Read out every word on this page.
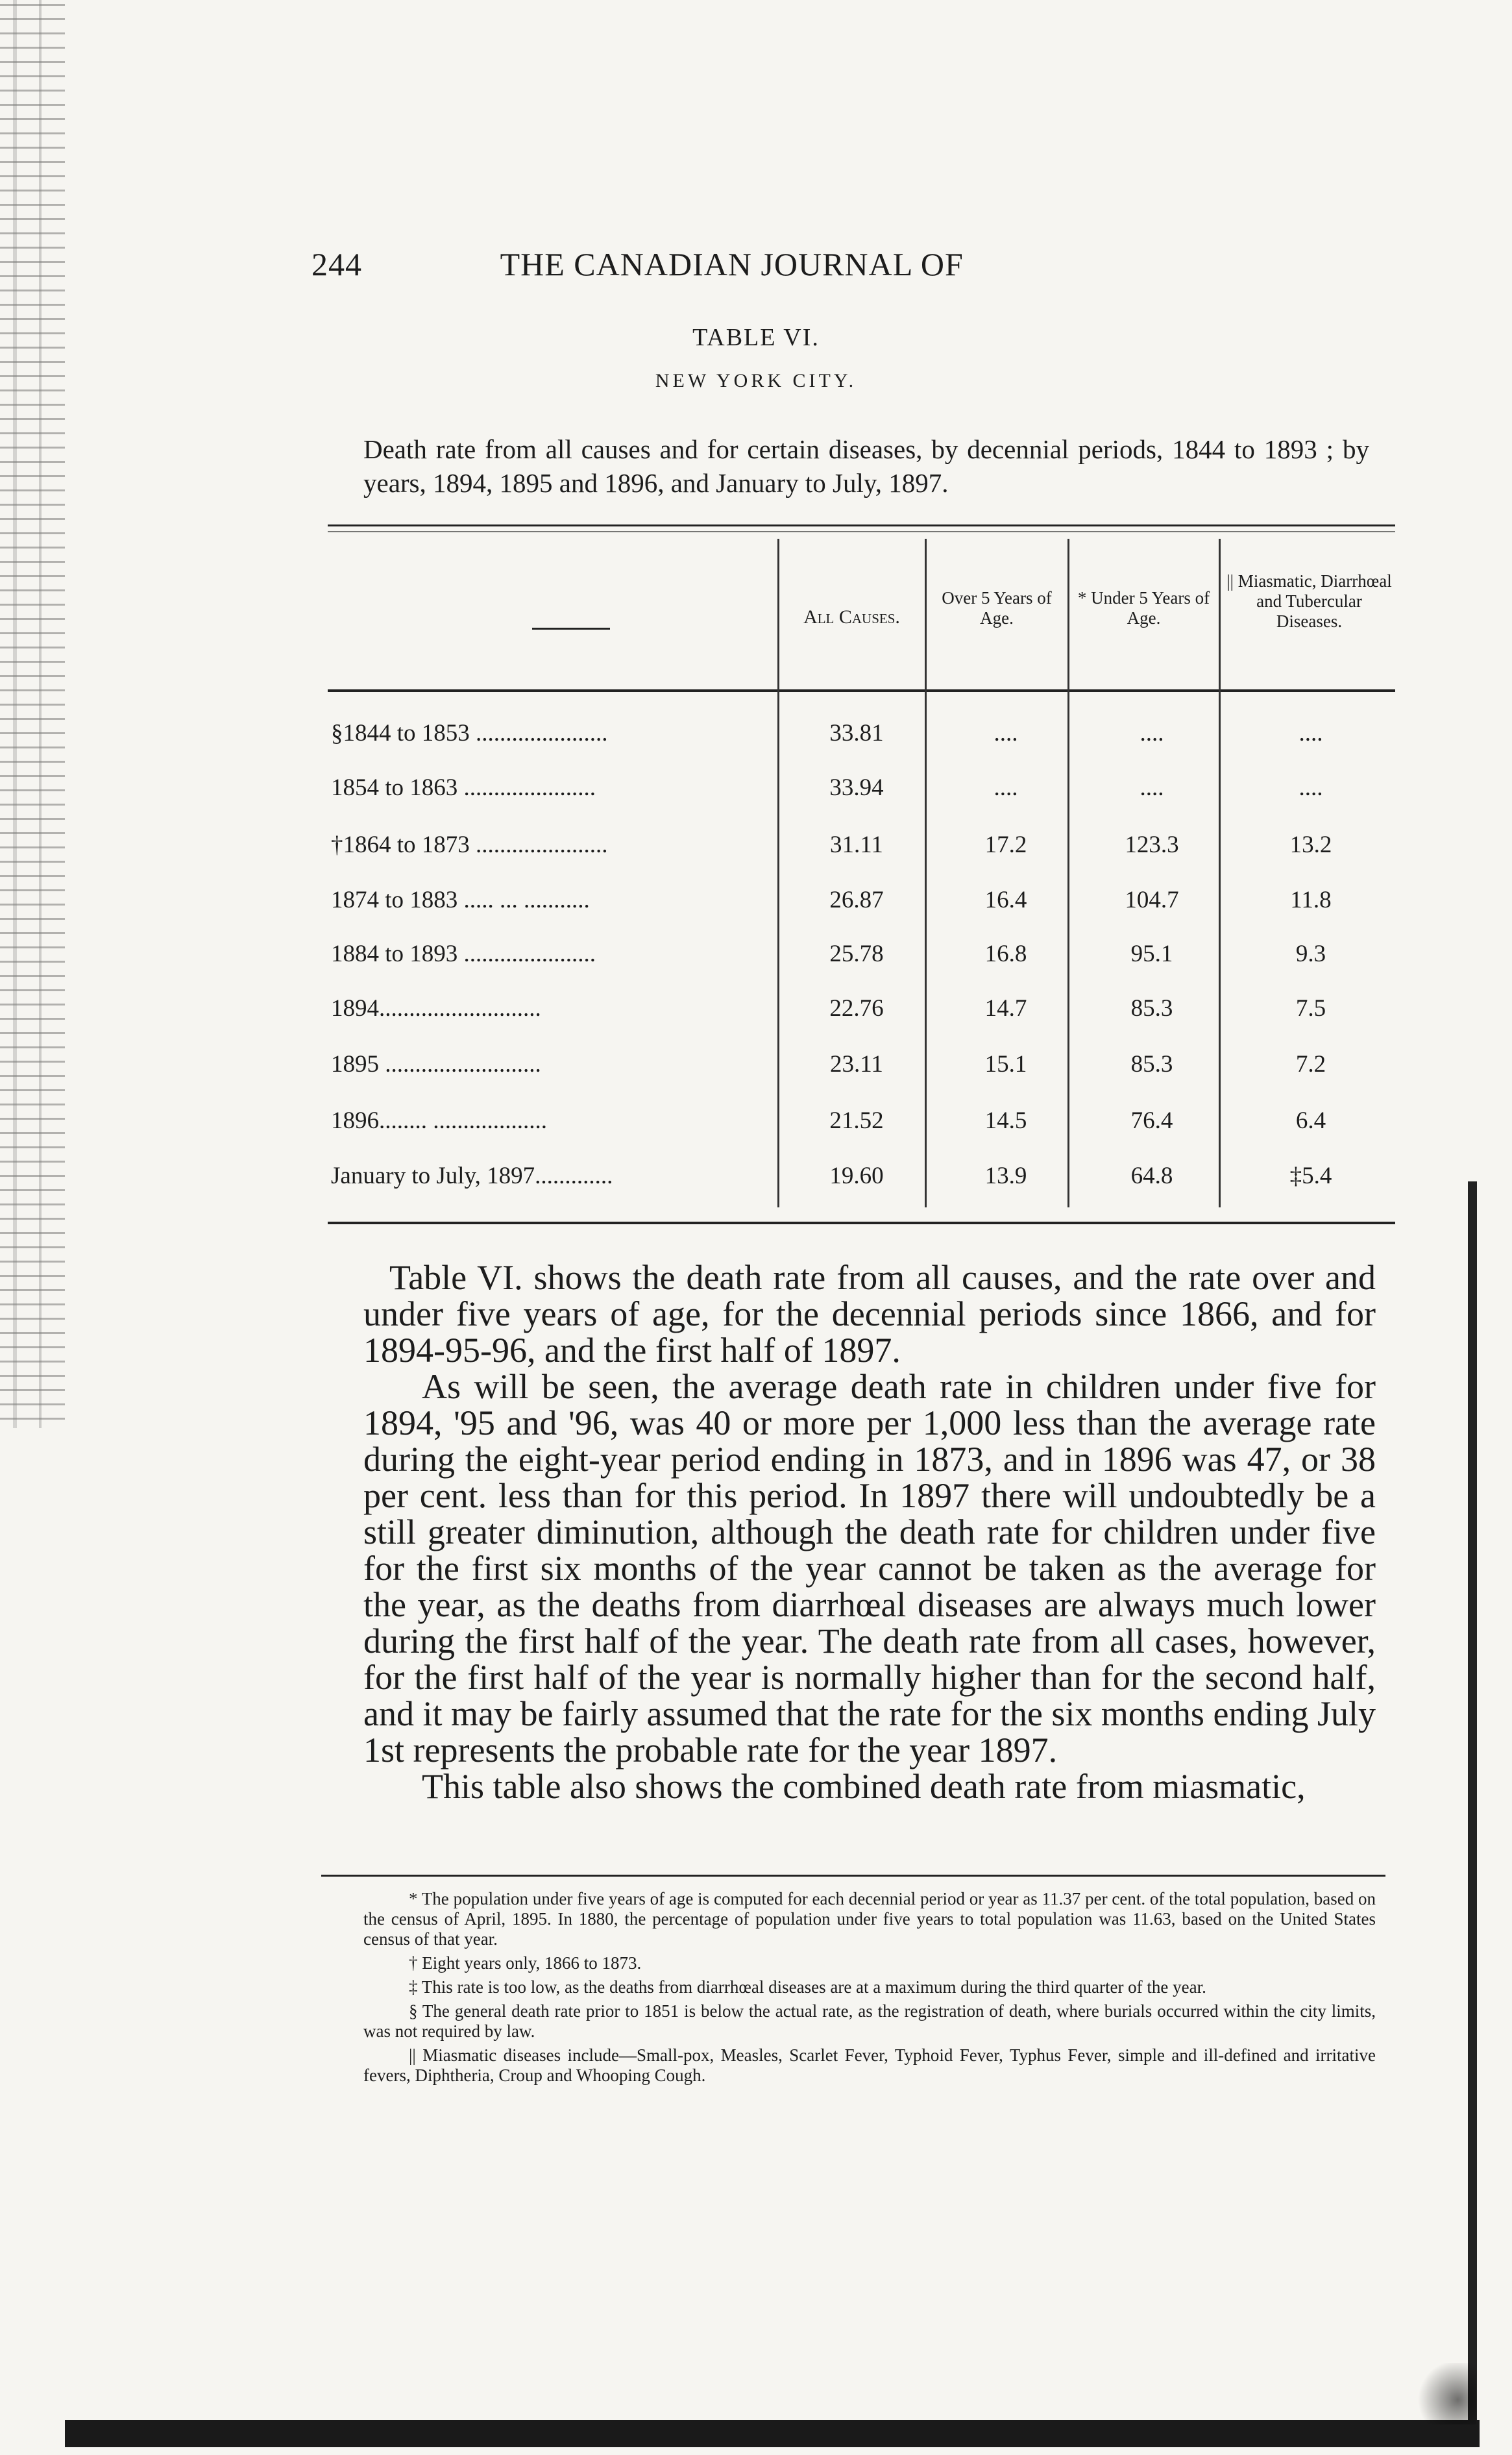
244	THE CANADIAN JOURNAL OF
TABLE VI.
NEW YORK CITY.
Death rate from all causes and for certain diseases, by decennial periods, 1844 to 1893 ; by years, 1894, 1895 and 1896, and January to July, 1897.
All Causes.
Over 5 Years of Age.
* Under 5 Years of Age.
|| Miasmatic, Diarrhœal and Tubercular Diseases.
§1844 to 1853 ......................	33.81	....	....	....
1854 to 1863 ......................	33.94	....	....	....
†1864 to 1873 ......................	31.11	17.2	123.3	13.2
1874 to 1883 ..... ... ...........	26.87	16.4	104.7	11.8
1884 to 1893 ......................	25.78	16.8	95.1	9.3
1894...........................	22.76	14.7	85.3	7.5
1895 ..........................	23.11	15.1	85.3	7.2
1896........ ...................	21.52	14.5	76.4	6.4
January to July, 1897.............	19.60	13.9	64.8	‡5.4

Table VI. shows the death rate from all causes, and the rate over and under five years of age, for the decennial periods since 1866, and for 1894-95-96, and the first half of 1897.

As will be seen, the average death rate in children under five for 1894, '95 and '96, was 40 or more per 1,000 less than the average rate during the eight-year period ending in 1873, and in 1896 was 47, or 38 per cent. less than for this period. In 1897 there will undoubtedly be a still greater diminution, although the death rate for children under five for the first six months of the year cannot be taken as the average for the year, as the deaths from diarrhœal diseases are always much lower during the first half of the year. The death rate from all cases, however, for the first half of the year is normally higher than for the second half, and it may be fairly assumed that the rate for the six months ending July 1st represents the probable rate for the year 1897.

This table also shows the combined death rate from miasmatic,

* The population under five years of age is computed for each decennial period or year as 11.37 per cent. of the total population, based on the census of April, 1895. In 1880, the percentage of population under five years to total population was 11.63, based on the United States census of that year.

† Eight years only, 1866 to 1873.

‡ This rate is too low, as the deaths from diarrhœal diseases are at a maximum during the third quarter of the year.

§ The general death rate prior to 1851 is below the actual rate, as the registration of death, where burials occurred within the city limits, was not required by law.

|| Miasmatic diseases include—Small-pox, Measles, Scarlet Fever, Typhoid Fever, Typhus Fever, simple and ill-defined and irritative fevers, Diphtheria, Croup and Whooping Cough.
